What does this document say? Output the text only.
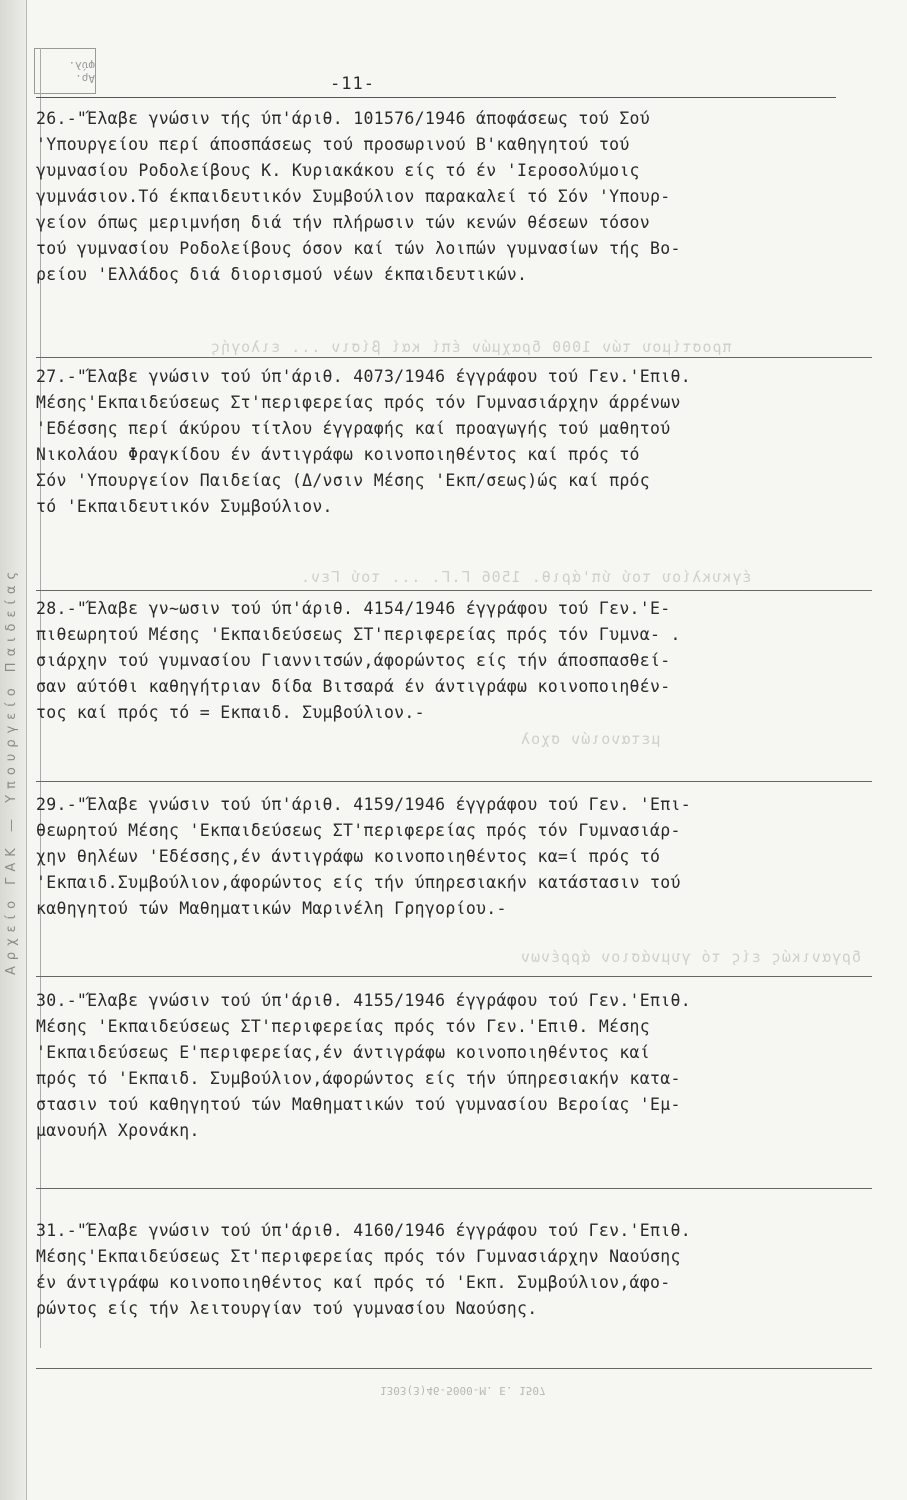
Αρχείο ΓΑΚ — Υπουργείο Παιδείας
Αρ. φύλ.
προστίμου τών 1000 δραχμών έπί καί βίσιν ... ειλογής
έγκυκλίου τού ύπ'άριθ. 1506 Γ.Γ. ... τού Γεν.
μετανοιών σχολ
δργανικώς είς τό γυμνάσιον άρρένων
-11-
26.-"Έλαβε γνώσιν τής ύπ'άριθ. 101576/1946 άποφάσεως τού Σού
'Υπουργείου περί άποσπάσεως τού προσωρινού Β'καθηγητού τού
γυμνασίου Ροδολείβους Κ. Κυριακάκου είς τό έν 'Ιεροσολύμοις
γυμνάσιον.Τό έκπαιδευτικόν Συμβούλιον παρακαλεί τό Σόν 'Υπουρ-
γείον όπως μεριμνήση διά τήν πλήρωσιν τών κενών θέσεων τόσον
τού γυμνασίου Ροδολείβους όσον καί τών λοιπών γυμνασίων τής Βο-
ρείου 'Ελλάδος διά διορισμού νέων έκπαιδευτικών.
27.-"Έλαβε γνώσιν τού ύπ'άριθ. 4073/1946 έγγράφου τού Γεν.'Επιθ.
Μέσης'Εκπαιδεύσεως Στ'περιφερείας πρός τόν Γυμνασιάρχην άρρένων
'Εδέσσης περί άκύρου τίτλου έγγραφής καί προαγωγής τού μαθητού
Νικολάου Φραγκίδου έν άντιγράφω κοινοποιηθέντος καί πρός τό
Σόν 'Υπουργείον Παιδείας (Δ/νσιν Μέσης 'Εκπ/σεως)ώς καί πρός
τό 'Εκπαιδευτικόν Συμβούλιον.
28.-"Έλαβε γν~ωσιν τού ύπ'άριθ. 4154/1946 έγγράφου τού Γεν.'Ε-
πιθεωρητού Μέσης 'Εκπαιδεύσεως ΣΤ'περιφερείας πρός τόν Γυμνα- .
σιάρχην τού γυμνασίου Γιαννιτσών,άφορώντος είς τήν άποσπασθεί-
σαν αύτόθι καθηγήτριαν δίδα Βιτσαρά έν άντιγράφω κοινοποιηθέν-
τος καί πρός τό = Εκπαιδ. Συμβούλιον.-
29.-"Έλαβε γνώσιν τού ύπ'άριθ. 4159/1946 έγγράφου τού Γεν. 'Επι-
θεωρητού Μέσης 'Εκπαιδεύσεως ΣΤ'περιφερείας πρός τόν Γυμνασιάρ-
χην θηλέων 'Εδέσσης,έν άντιγράφω κοινοποιηθέντος κα=ί πρός τό
'Εκπαιδ.Συμβούλιον,άφορώντος είς τήν ύπηρεσιακήν κατάστασιν τού
καθηγητού τών Μαθηματικών Μαρινέλη Γρηγορίου.-
30.-"Έλαβε γνώσιν τού ύπ'άριθ. 4155/1946 έγγράφου τού Γεν.'Επιθ.
Μέσης 'Εκπαιδεύσεως ΣΤ'περιφερείας πρός τόν Γεν.'Επιθ. Μέσης
'Εκπαιδεύσεως Ε'περιφερείας,έν άντιγράφω κοινοποιηθέντος καί
πρός τό 'Εκπαιδ. Συμβούλιον,άφορώντος είς τήν ύπηρεσιακήν κατα-
στασιν τού καθηγητού τών Μαθηματικών τού γυμνασίου Βεροίας 'Εμ-
μανουήλ Χρονάκη.
31.-"Έλαβε γνώσιν τού ύπ'άριθ. 4160/1946 έγγράφου τού Γεν.'Επιθ.
Μέσης'Εκπαιδεύσεως Στ'περιφερείας πρός τόν Γυμνασιάρχην Ναούσης
έν άντιγράφω κοινοποιηθέντος καί πρός τό 'Εκπ. Συμβούλιον,άφο-
ρώντος είς τήν λειτουργίαν τού γυμνασίου Ναούσης.
1303(3)46-5000-Μ. Ε. 1507
